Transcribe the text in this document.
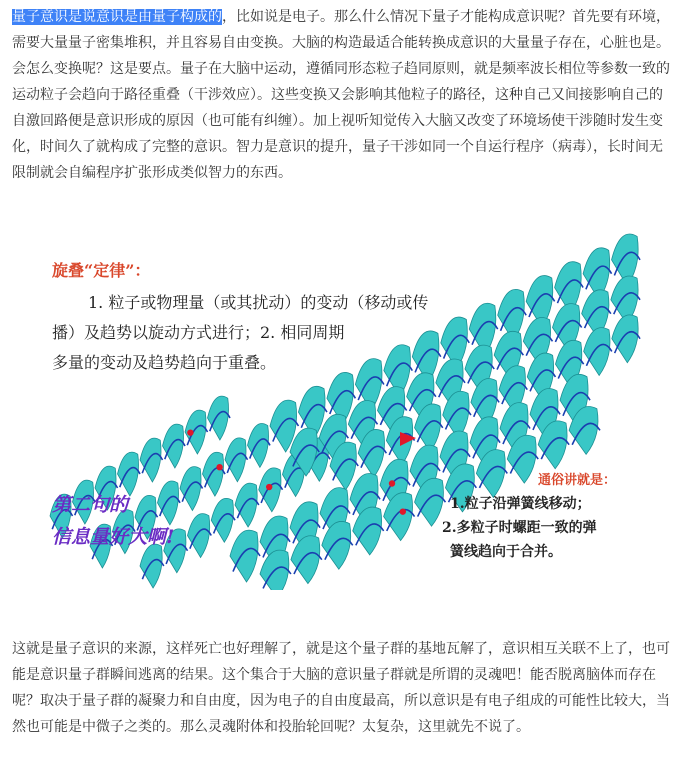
量子意识是说意识是由量子构成的，比如说是电子。那么什么情况下量子才能构成意识呢？首先要有环境，需要大量量子密集堆积，并且容易自由变换。大脑的构造最适合能转换成意识的大量量子存在，心脏也是。会怎么变换呢？这是要点。量子在大脑中运动，遵循同形态粒子趋同原则，就是频率波长相位等参数一致的运动粒子会趋向于路径重叠（干涉效应）。这些变换又会影响其他粒子的路径，这种自己又间接影响自己的自激回路便是意识形成的原因（也可能有纠缠）。加上视听知觉传入大脑又改变了环境场使干涉随时发生变化，时间久了就构成了完整的意识。智力是意识的提升，量子干涉如同一个自运行程序（病毒），长时间无限制就会自编程序扩张形成类似智力的东西。

旋叠“定律”：
1. 粒子或物理量（或其扰动）的变动（移动或传
播）及趋势以旋动方式进行；2. 相同周期
多量的变动及趋势趋向于重叠。
第二句的
信息量好大啊!
通俗讲就是：
1.粒子沿弹簧线移动；
2.多粒子时螺距一致的弹
簧线趋向于合并。

这就是量子意识的来源，这样死亡也好理解了，就是这个量子群的基地瓦解了，意识相互关联不上了，也可能是意识量子群瞬间逃离的结果。这个集合于大脑的意识量子群就是所谓的灵魂吧！能否脱离脑体而存在呢？取决于量子群的凝聚力和自由度，因为电子的自由度最高，所以意识是有电子组成的可能性比较大，当然也可能是中微子之类的。那么灵魂附体和投胎轮回呢？太复杂，这里就先不说了。
